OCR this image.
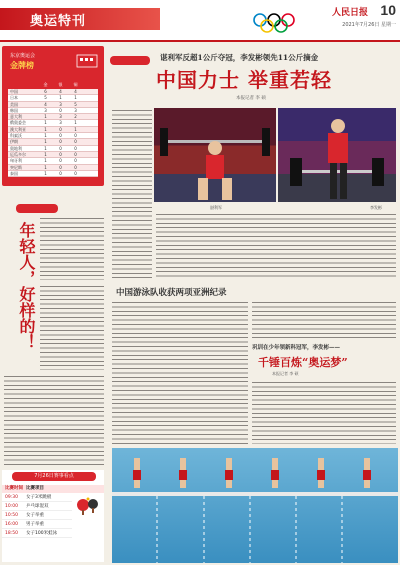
奥运特刊
人民日报 10
2021年7月26日 星期一
东京奥运会
金牌榜
金	银	铜
中国	6	4	4
日本	5	1	1
美国	4	3	5
韩国	3	0	3
意大利	1	3	2
俄奥委会	1	3	1
澳大利亚	1	0	1
科索沃	1	0	0
伊朗	1	0	0
奥地利	1	0	0
厄瓜多尔	1	0	0
匈牙利	1	0	0
突尼斯	1	0	0
泰国	1	0	0
年轻人，好样的！
7月26日赛事看点
比赛时间 比赛项目
09:30	女子3米跳板
10:00	乒乓球混双
10:50	女子举重
16:00	男子举重
18:50	女子100米蛙泳
谌利军反超1公斤夺冠，李发彬领先11公斤摘金
中国力士 举重若轻
本报记者 李 硕
谌利军	李发彬
中国游泳队收获两项亚洲纪录
巩训在少年领新科冠军，李发彬——
千锤百炼“奥运梦”
本报记者 李 硕
